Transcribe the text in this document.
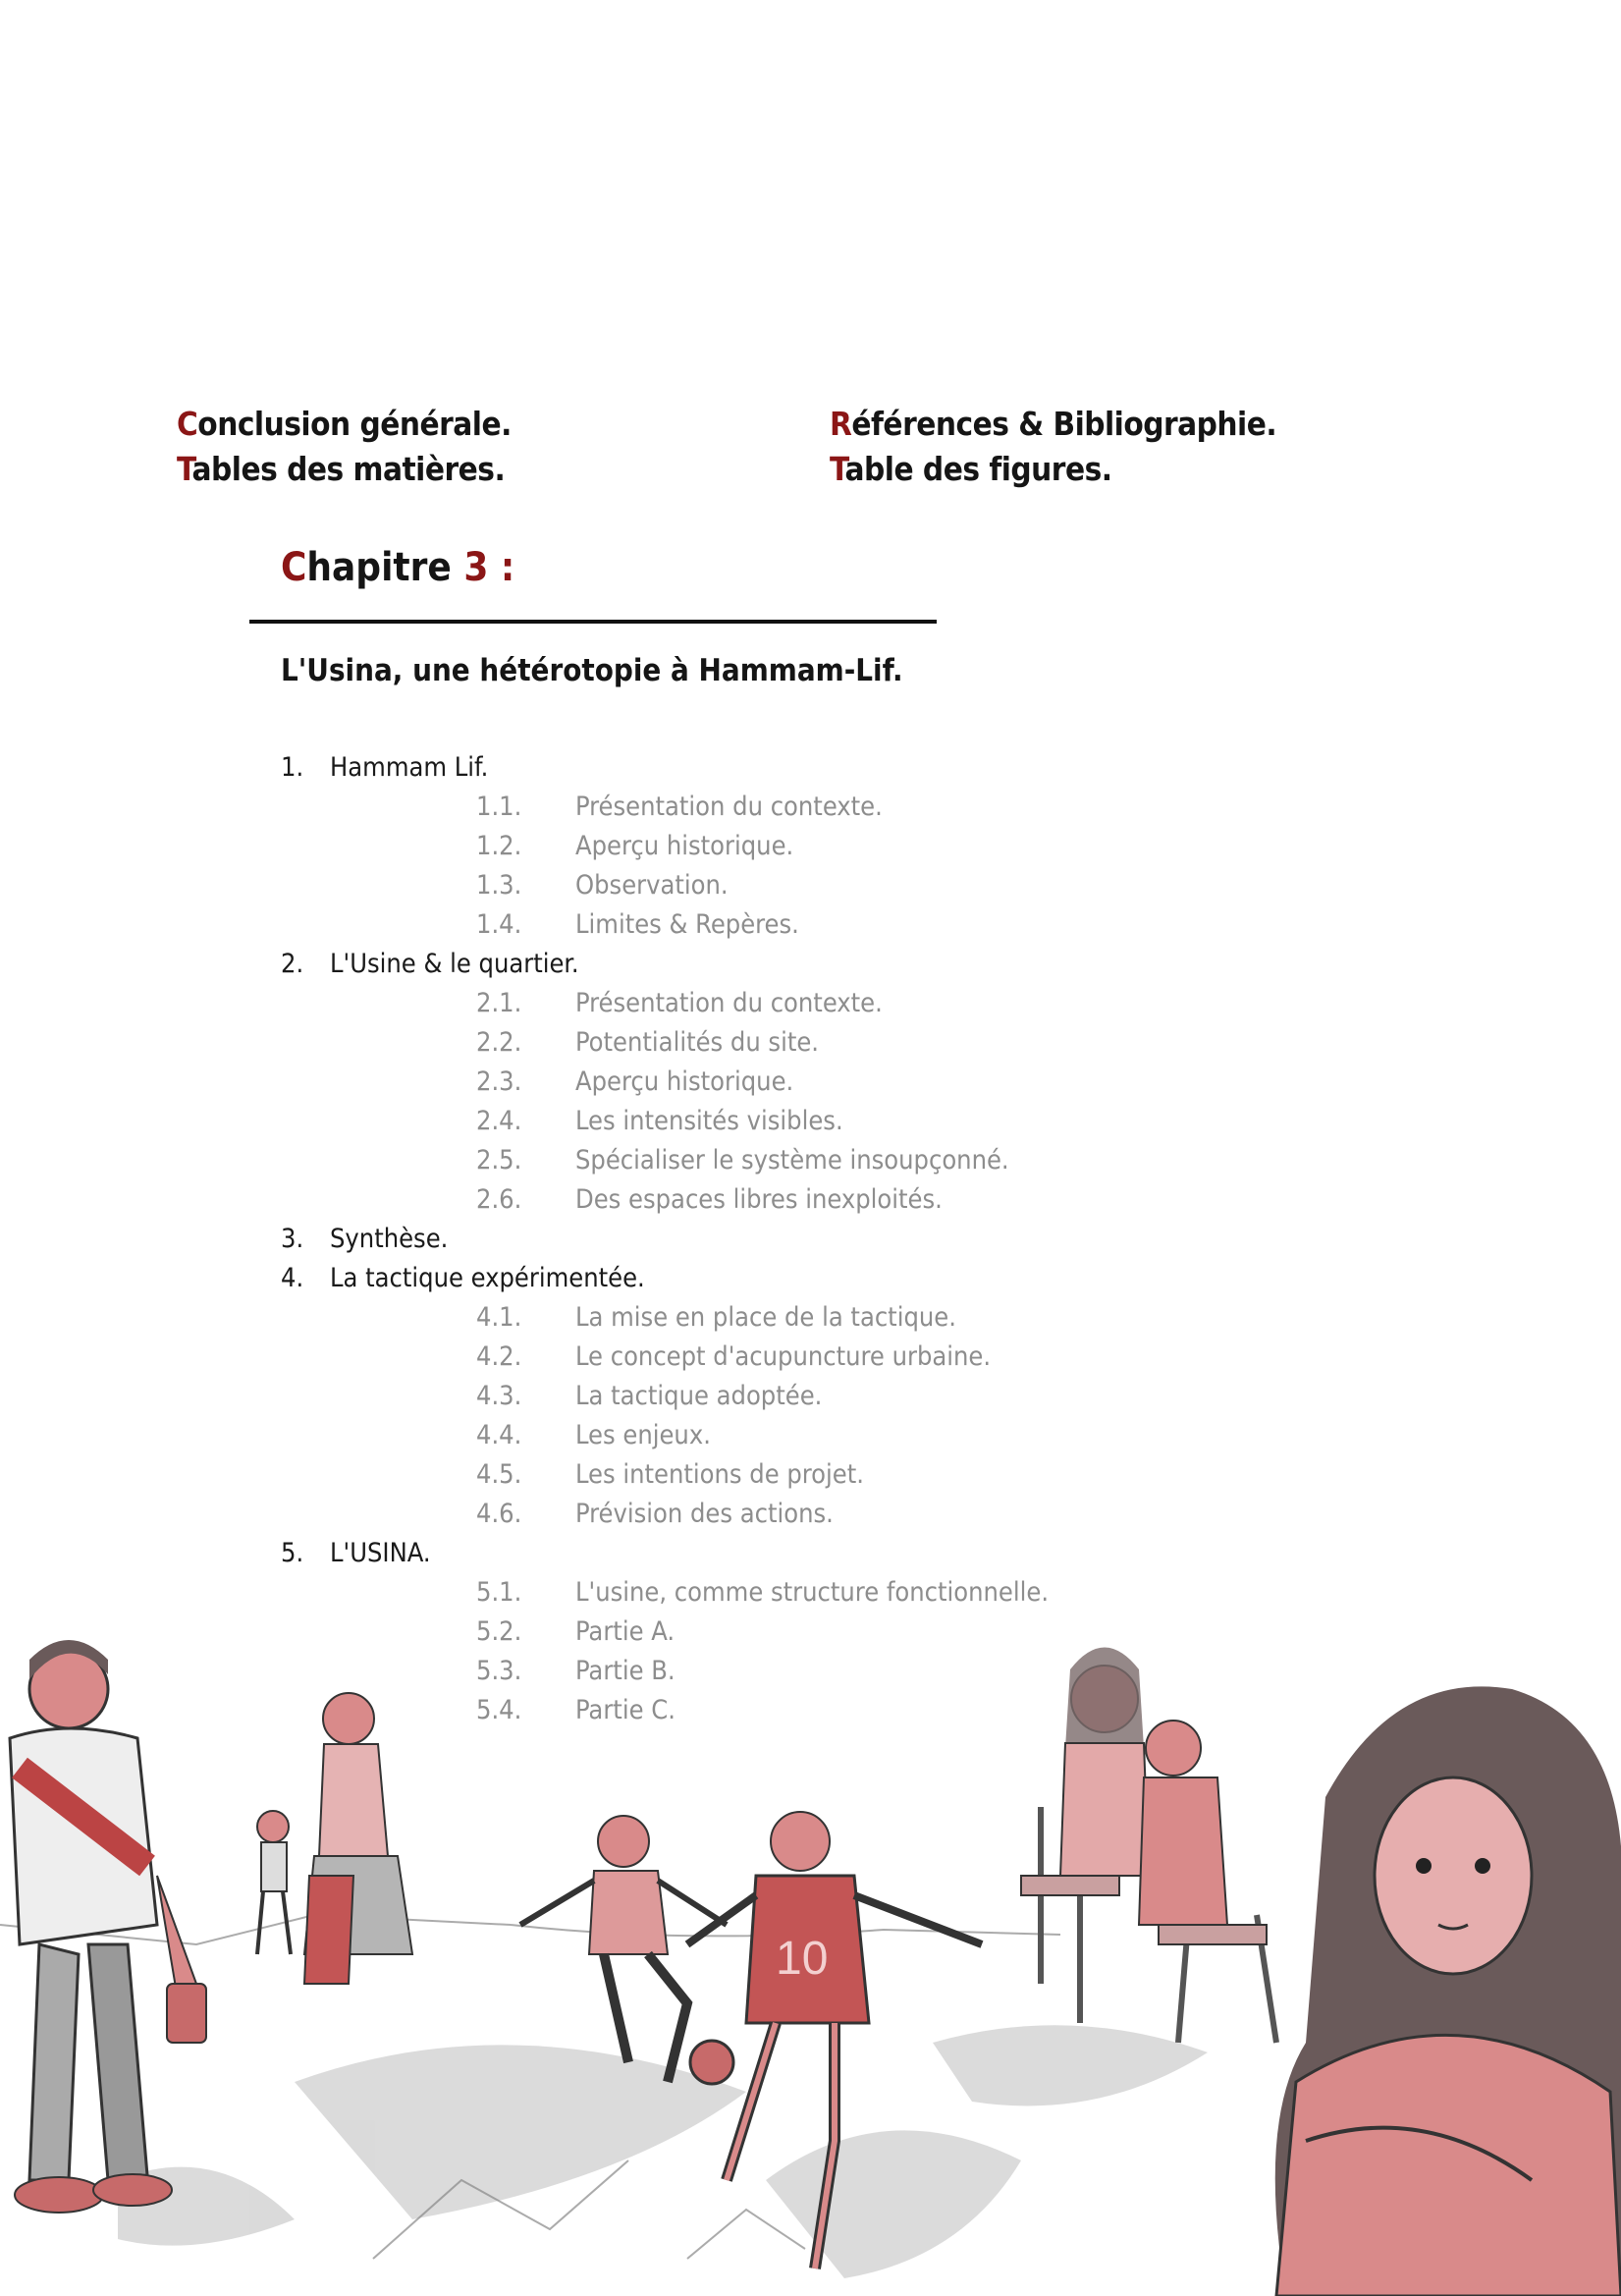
Conclusion générale.
Tables des matières.
Références & Bibliographie.
Table des figures.
Chapitre 3 :
L'Usina, une hétérotopie à Hammam-Lif.
1. Hammam Lif.
1.1. Présentation du contexte.
1.2. Aperçu historique.
1.3. Observation.
1.4. Limites & Repères.
2. L'Usine & le quartier.
2.1. Présentation du contexte.
2.2. Potentialités du site.
2.3. Aperçu historique.
2.4. Les intensités visibles.
2.5. Spécialiser le système insoupçonné.
2.6. Des espaces libres inexploités.
3. Synthèse.
4. La tactique expérimentée.
4.1. La mise en place de la tactique.
4.2. Le concept d'acupuncture urbaine.
4.3. La tactique adoptée.
4.4. Les enjeux.
4.5. Les intentions de projet.
4.6. Prévision des actions.
5. L'USINA.
5.1. L'usine, comme structure fonctionnelle.
5.2. Partie A.
5.3. Partie B.
5.4. Partie C.
10
